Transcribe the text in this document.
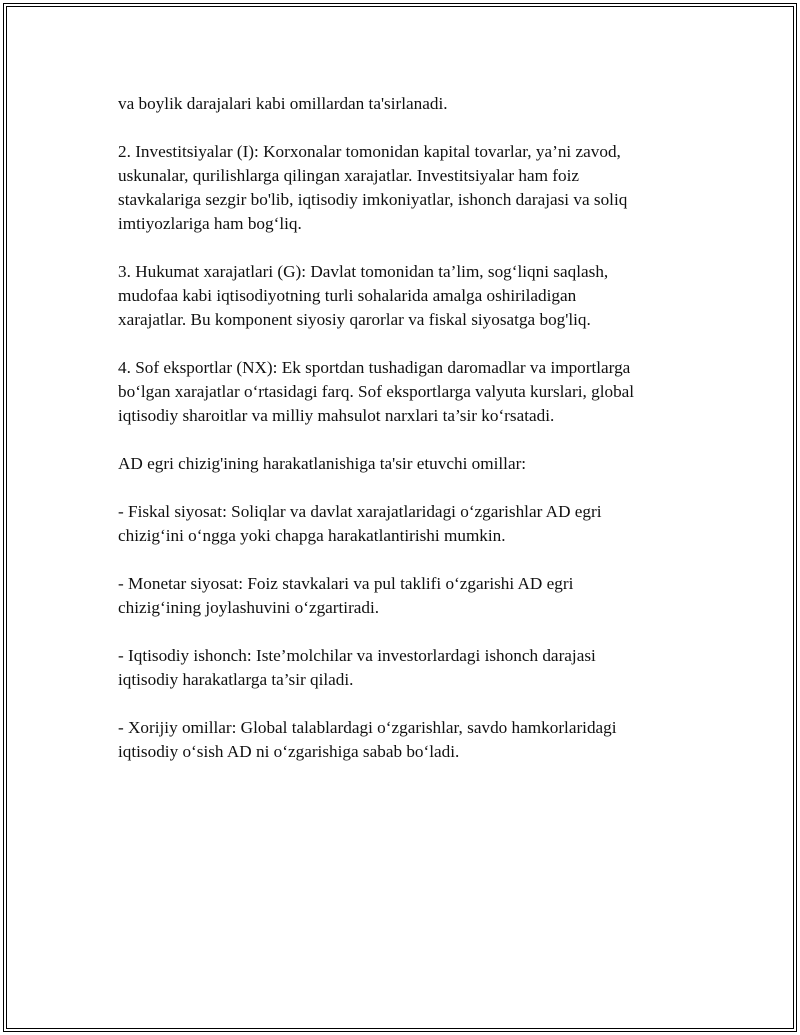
va boylik darajalari kabi omillardan ta'sirlanadi.

2. Investitsiyalar (I): Korxonalar tomonidan kapital tovarlar, ya’ni zavod,
uskunalar, qurilishlarga qilingan xarajatlar. Investitsiyalar ham foiz
stavkalariga sezgir bo'lib, iqtisodiy imkoniyatlar, ishonch darajasi va soliq
imtiyozlariga ham bog‘liq.

3. Hukumat xarajatlari (G): Davlat tomonidan ta’lim, sog‘liqni saqlash,
mudofaa kabi iqtisodiyotning turli sohalarida amalga oshiriladigan
xarajatlar. Bu komponent siyosiy qarorlar va fiskal siyosatga bog'liq.

4. Sof eksportlar (NX): Ek sportdan tushadigan daromadlar va importlarga
bo‘lgan xarajatlar o‘rtasidagi farq. Sof eksportlarga valyuta kurslari, global
iqtisodiy sharoitlar va milliy mahsulot narxlari ta’sir ko‘rsatadi.

AD egri chizig'ining harakatlanishiga ta'sir etuvchi omillar:

- Fiskal siyosat: Soliqlar va davlat xarajatlaridagi o‘zgarishlar AD egri
chizig‘ini o‘ngga yoki chapga harakatlantirishi mumkin.

- Monetar siyosat: Foiz stavkalari va pul taklifi o‘zgarishi AD egri
chizig‘ining joylashuvini o‘zgartiradi.

- Iqtisodiy ishonch: Iste’molchilar va investorlardagi ishonch darajasi
iqtisodiy harakatlarga ta’sir qiladi.

- Xorijiy omillar: Global talablardagi o‘zgarishlar, savdo hamkorlaridagi
iqtisodiy o‘sish AD ni o‘zgarishiga sabab bo‘ladi.
